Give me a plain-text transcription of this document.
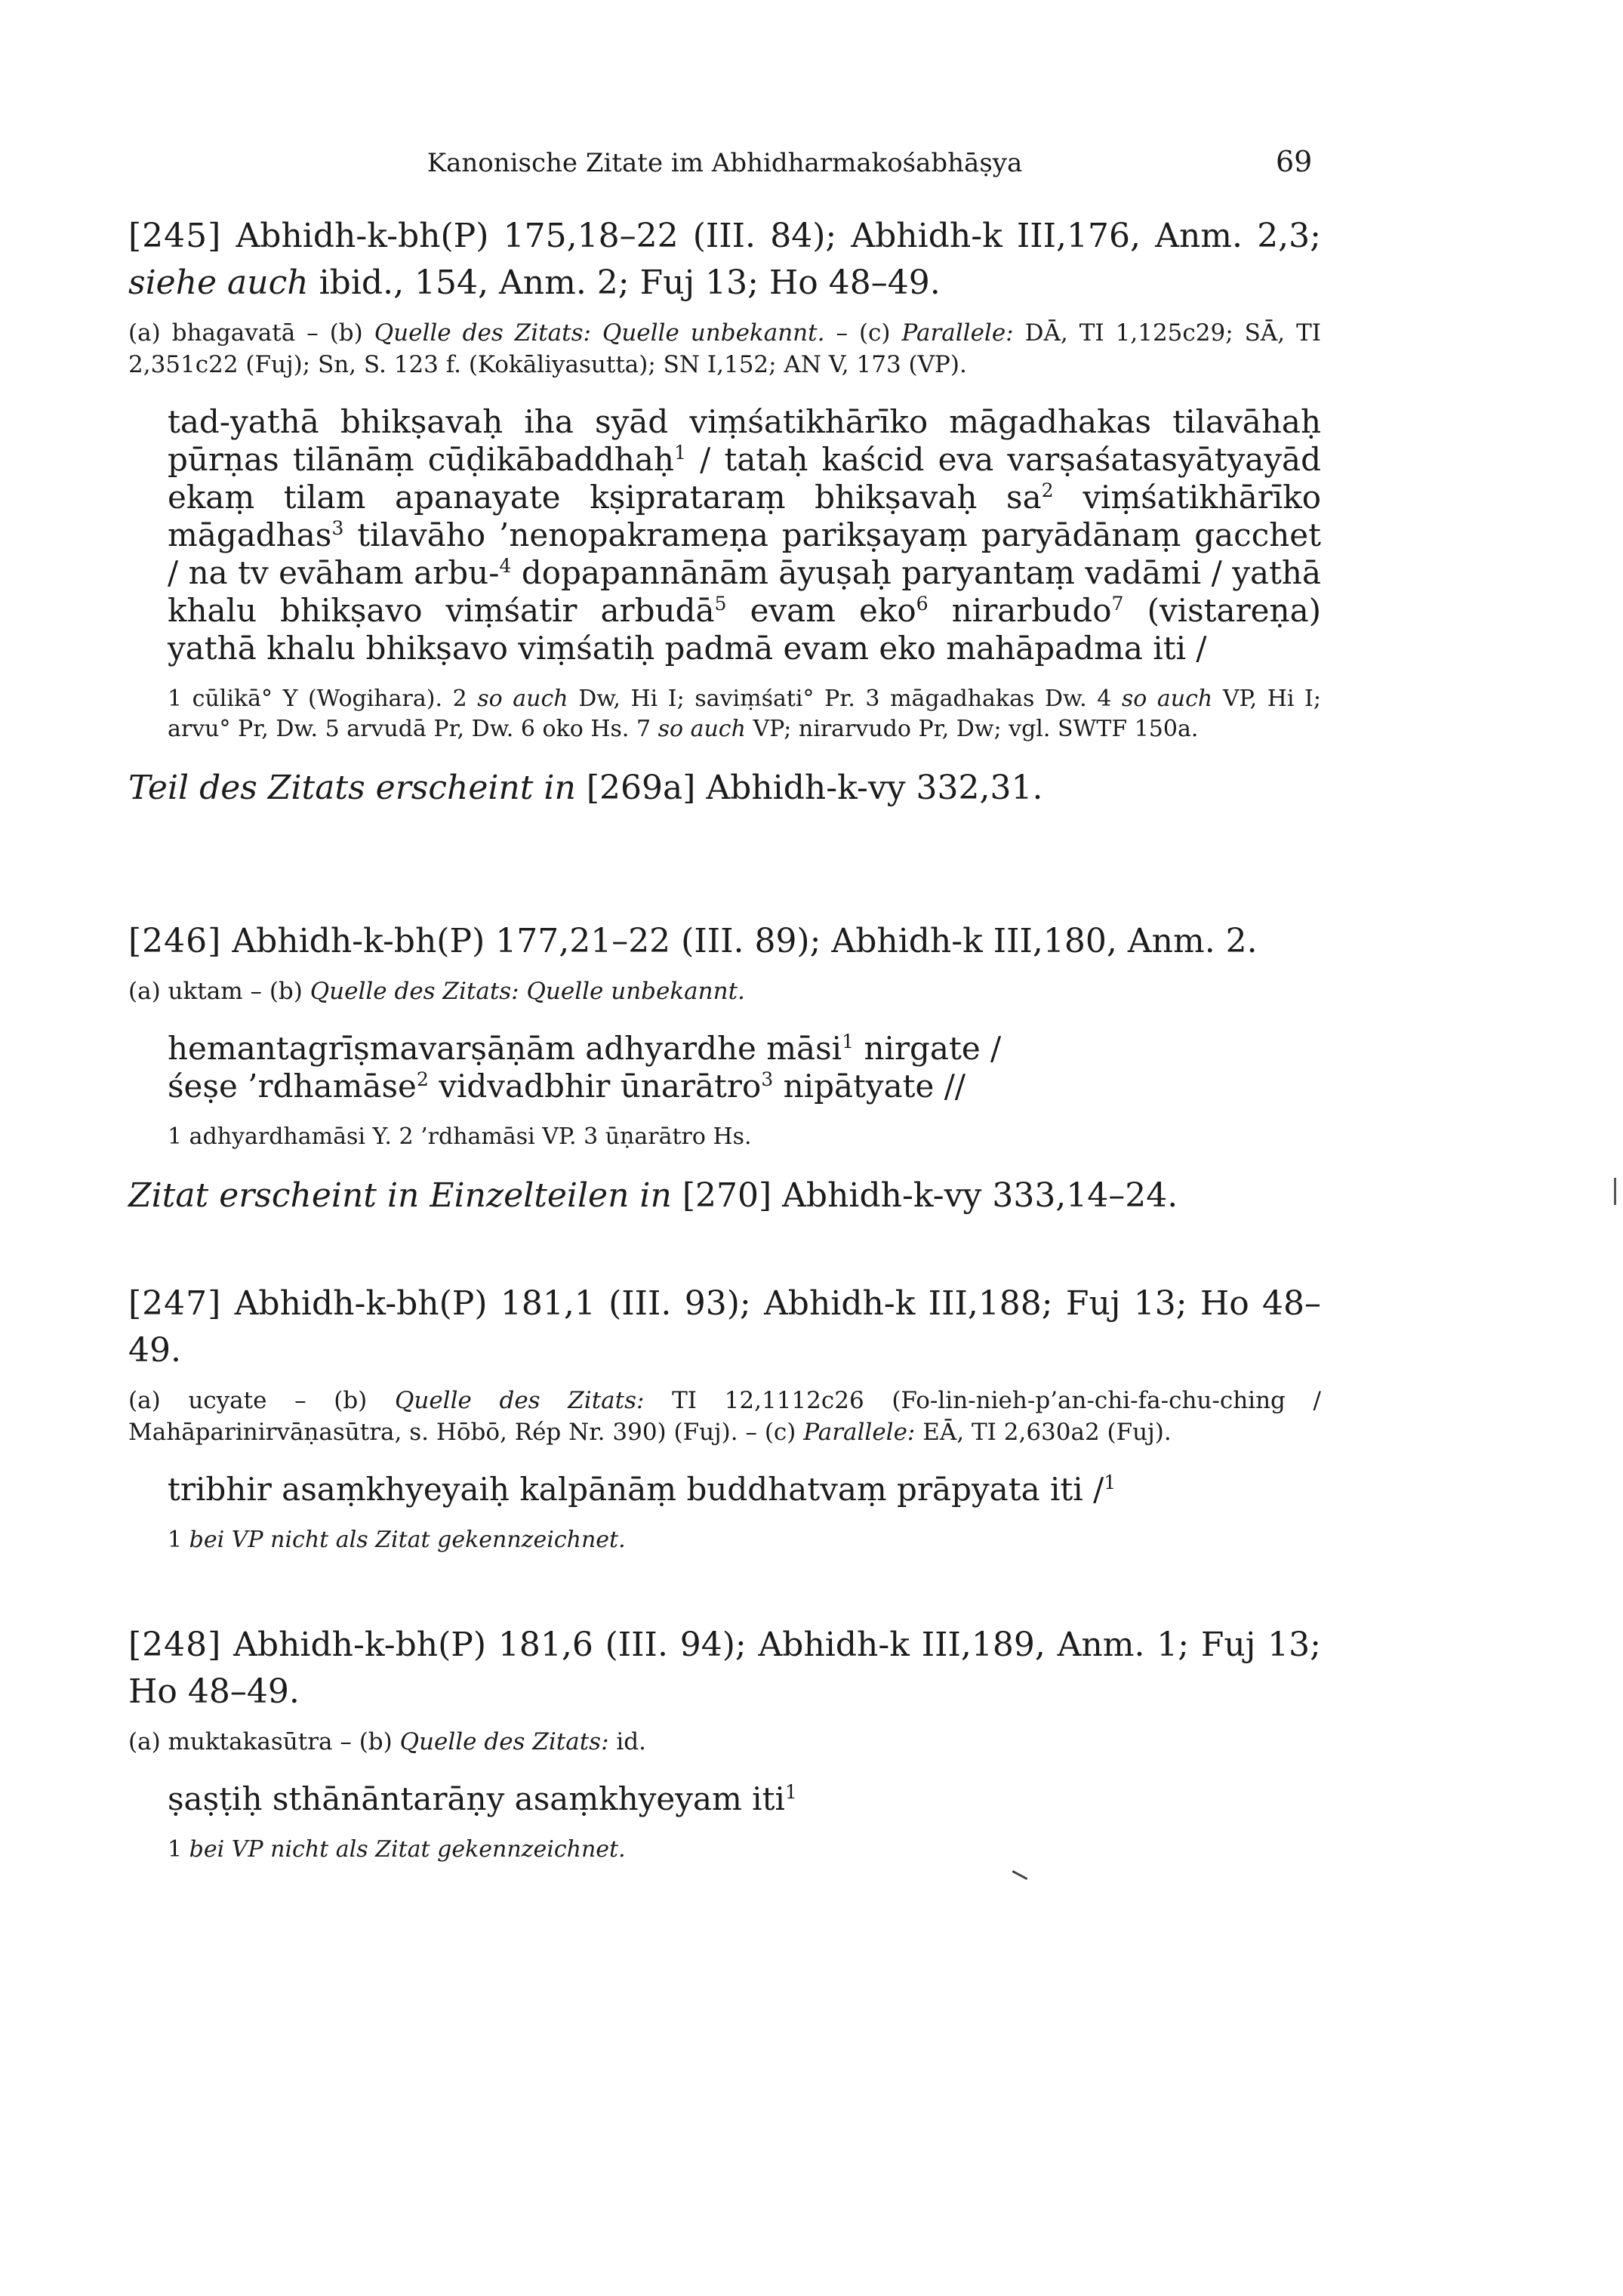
Kanonische Zitate im Abhidharmakośabhāṣya	69
[245] Abhidh-k-bh(P) 175,18–22 (III. 84); Abhidh-k III,176, Anm. 2,3; siehe auch ibid., 154, Anm. 2; Fuj 13; Ho 48–49.
(a) bhagavatā – (b) Quelle des Zitats: Quelle unbekannt. – (c) Parallele: DĀ, TI 1,125c29; SĀ, TI 2,351c22 (Fuj); Sn, S. 123 f. (Kokāliyasutta); SN I,152; AN V, 173 (VP).
tad-yathā bhikṣavaḥ iha syād viṃśatikhārīko māgadhakas tilavāhaḥ pūrṇas tilānāṃ cūḍikābaddhaḥ$^1$ / tataḥ kaścid eva varṣaśatasyātyayād ekaṃ tilam apanayate kṣiprataraṃ bhikṣavaḥ $sa^2$ viṃśatikhārīko māgadhas$^3$ tilavāho ’nenopakrameṇa parikṣayaṃ paryādānaṃ gacchet / na tv evāham arbu-$^4$ dopapannānām āyuṣaḥ paryantaṃ vadāmi / yathā khalu bhikṣavo viṃśatir arbudā$^5$ evam eko$^6$ nirarbudo$^7$ (vistareṇa) yathā khalu bhikṣavo viṃśatiḥ padmā evam eko mahāpadma iti /
1 cūlikā° Y (Wogihara). 2 so auch Dw, Hi I; saviṃśati° Pr. 3 māgadhakas Dw. 4 so auch VP, Hi I; arvu° Pr, Dw. 5 arvudā Pr, Dw. 6 oko Hs. 7 so auch VP; nirarvudo Pr, Dw; vgl. SWTF 150a.
Teil des Zitats erscheint in [269a] Abhidh-k-vy 332,31.
[246] Abhidh-k-bh(P) 177,21–22 (III. 89); Abhidh-k III,180, Anm. 2.
(a) uktam – (b) Quelle des Zitats: Quelle unbekannt.
hemantagrīṣmavarṣāṇām adhyardhe māsi$^1$ nirgate /
śeṣe ’rdhamāse$^2$ vidvadbhir ūnarātro$^3$ nipātyate //
1 adhyardhamāsi Y. 2 ’rdhamāsi VP. 3 ūṇarātro Hs.
Zitat erscheint in Einzelteilen in [270] Abhidh-k-vy 333,14–24.
[247] Abhidh-k-bh(P) 181,1 (III. 93); Abhidh-k III,188; Fuj 13; Ho 48–49.
(a) ucyate – (b) Quelle des Zitats: TI 12,1112c26 (Fo-lin-nieh-p’an-chi-fa-chu-ching / Mahāparinirvāṇasūtra, s. Hōbō, Rép Nr. 390) (Fuj). – (c) Parallele: EĀ, TI 2,630a2 (Fuj).
tribhir asaṃkhyeyaiḥ kalpānāṃ buddhatvaṃ prāpyata iti /$^1$
1 bei VP nicht als Zitat gekennzeichnet.
[248] Abhidh-k-bh(P) 181,6 (III. 94); Abhidh-k III,189, Anm. 1; Fuj 13; Ho 48–49.
(a) muktakasūtra – (b) Quelle des Zitats: id.
ṣaṣṭiḥ sthānāntarāṇy asaṃkhyeyam iti$^1$
1 bei VP nicht als Zitat gekennzeichnet.
